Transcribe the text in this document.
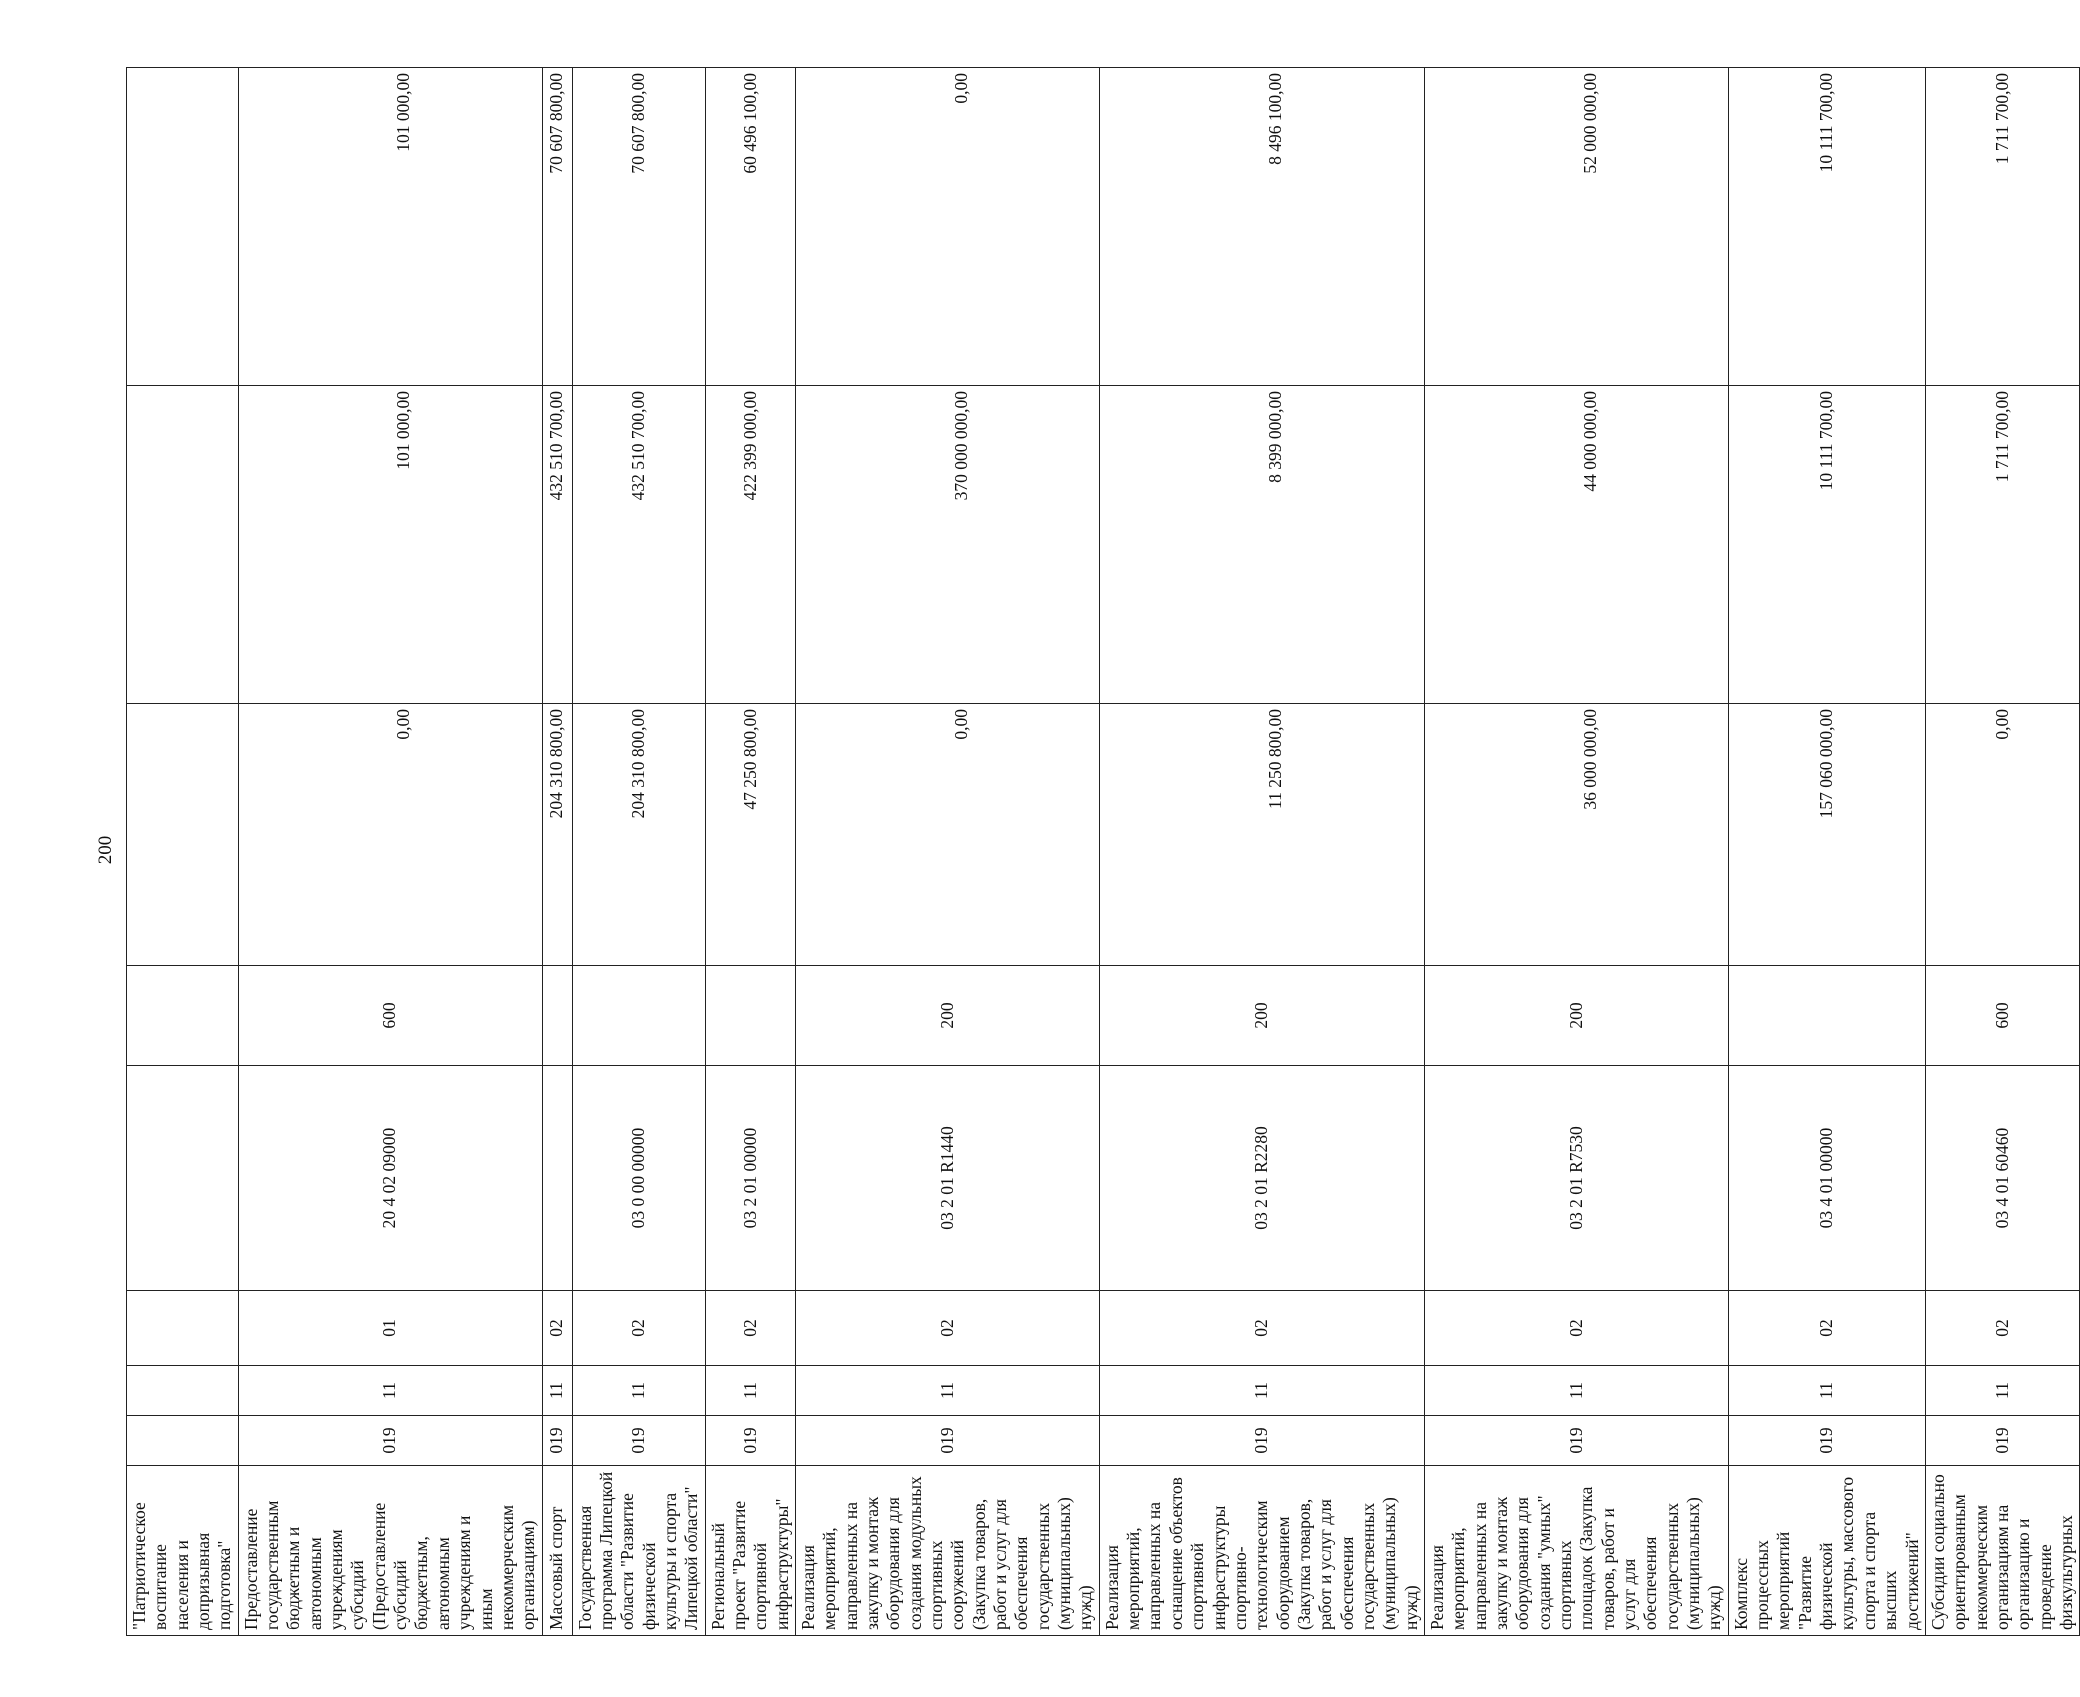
200
"Патриотическое воспитание населения и допризывная подготовка"								
Предоставление государственным бюджетным и автономным учреждениям субсидий (Предоставление субсидий бюджетным, автономным учреждениям и иным некоммерческим организациям)	019	11	01	20 4 02 09000	600	0,00	101 000,00	101 000,00
Массовый спорт	019	11	02			204 310 800,00	432 510 700,00	70 607 800,00
Государственная программа Липецкой области "Развитие физической культуры и спорта Липецкой области"	019	11	02	03 0 00 00000		204 310 800,00	432 510 700,00	70 607 800,00
Региональный проект "Развитие спортивной инфраструктуры"	019	11	02	03 2 01 00000		47 250 800,00	422 399 000,00	60 496 100,00
Реализация мероприятий, направленных на закупку и монтаж оборудования для создания модульных спортивных сооружений (Закупка товаров, работ и услуг для обеспечения государственных (муниципальных) нужд)	019	11	02	03 2 01 R1440	200	0,00	370 000 000,00	0,00
Реализация мероприятий, направленных на оснащение объектов спортивной инфраструктуры спортивно-технологическим оборудованием (Закупка товаров, работ и услуг для обеспечения государственных (муниципальных) нужд)	019	11	02	03 2 01 R2280	200	11 250 800,00	8 399 000,00	8 496 100,00
Реализация мероприятий, направленных на закупку и монтаж оборудования для создания "умных" спортивных площадок (Закупка товаров, работ и услуг для обеспечения государственных (муниципальных) нужд)	019	11	02	03 2 01 R7530	200	36 000 000,00	44 000 000,00	52 000 000,00
Комплекс процессных мероприятий "Развитие физической культуры, массового спорта и спорта высших достижений"	019	11	02	03 4 01 00000		157 060 000,00	10 111 700,00	10 111 700,00
Субсидии социально ориентированным некоммерческим организациям на организацию и проведение физкультурных	019	11	02	03 4 01 60460	600	0,00	1 711 700,00	1 711 700,00
